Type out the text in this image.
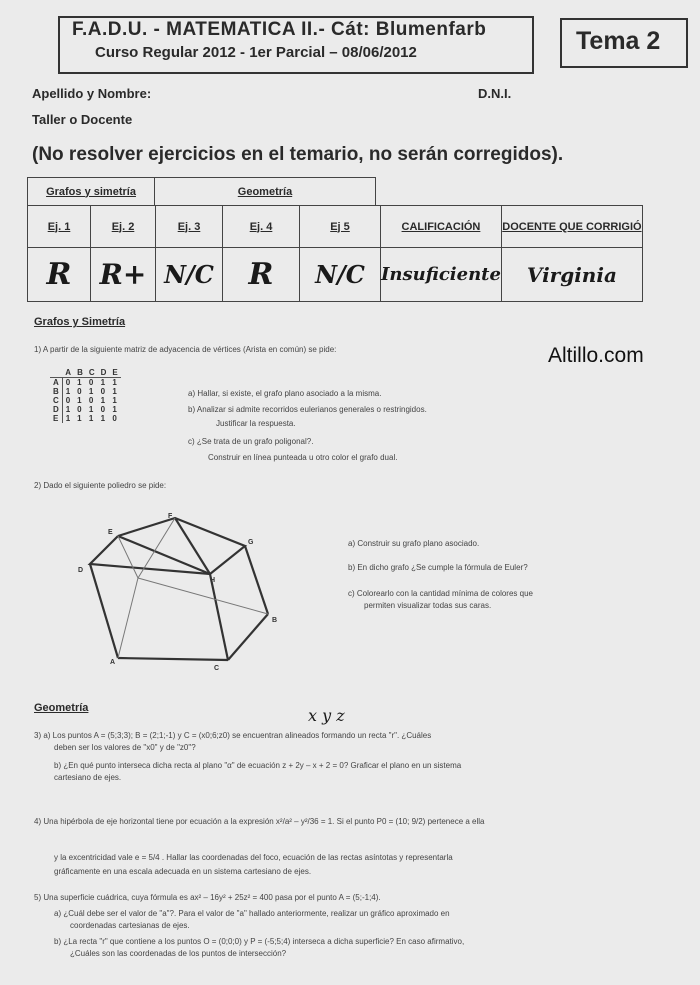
F.A.D.U. - MATEMATICA II.- Cát: Blumenfarb
Curso Regular 2012 - 1er Parcial – 08/06/2012	Tema 2
Apellido y Nombre:	D.N.I.
Taller o Docente
(No resolver ejercicios en el temario, no serán corregidos).
Grafos y simetría	Geometría
Ej. 1	Ej. 2	Ej. 3	Ej. 4	Ej 5	CALIFICACIÓN	DOCENTE QUE CORRIGIÓ
R	R+	N/C	R	N/C	Insuficiente	Virginia
Grafos y Simetría
1) A partir de la siguiente matriz de adyacencia de vértices (Arista en común) se pide:	Altillo.com
	A	B	C	D	E
A	0	1	0	1	1
B	1	0	1	0	1
C	0	1	0	1	1
D	1	0	1	0	1
E	1	1	1	1	0
a) Hallar, si existe, el grafo plano asociado a la misma.
b) Analizar si admite recorridos eulerianos generales o restringidos.
Justificar la respuesta.
c) ¿Se trata de un grafo poligonal?.
Construir en línea punteada u otro color el grafo dual.
2) Dado el siguiente poliedro se pide:
E
F
G
D
H
B
A
C
a) Construir su grafo plano asociado.
b) En dicho grafo ¿Se cumple la fórmula de Euler?
c) Colorearlo con la cantidad mínima de colores que
permiten visualizar todas sus caras.
Geometría	x y z
3) a) Los puntos A = (5;3;3); B = (2;1;-1) y C = (x0;6;z0) se encuentran alineados formando un recta "r". ¿Cuáles
deben ser los valores de "x0" y de "z0"?
b) ¿En qué punto interseca dicha recta al plano "α" de ecuación z + 2y – x + 2 = 0? Graficar el plano en un sistema
cartesiano de ejes.
4) Una hipérbola de eje horizontal tiene por ecuación a la expresión x²/a² – y²/36 = 1. Si el punto P0 = (10; 9/2) pertenece a ella
y la excentricidad vale e = 5/4 . Hallar las coordenadas del foco, ecuación de las rectas asíntotas y representarla
gráficamente en una escala adecuada en un sistema cartesiano de ejes.
5) Una superficie cuádrica, cuya fórmula es ax² – 16y² + 25z² = 400 pasa por el punto A = (5;-1;4).
a) ¿Cuál debe ser el valor de "a"?. Para el valor de "a" hallado anteriormente, realizar un gráfico aproximado en
coordenadas cartesianas de ejes.
b) ¿La recta "r" que contiene a los puntos O = (0;0;0) y P = (-5;5;4) interseca a dicha superficie? En caso afirmativo,
¿Cuáles son las coordenadas de los puntos de intersección?
